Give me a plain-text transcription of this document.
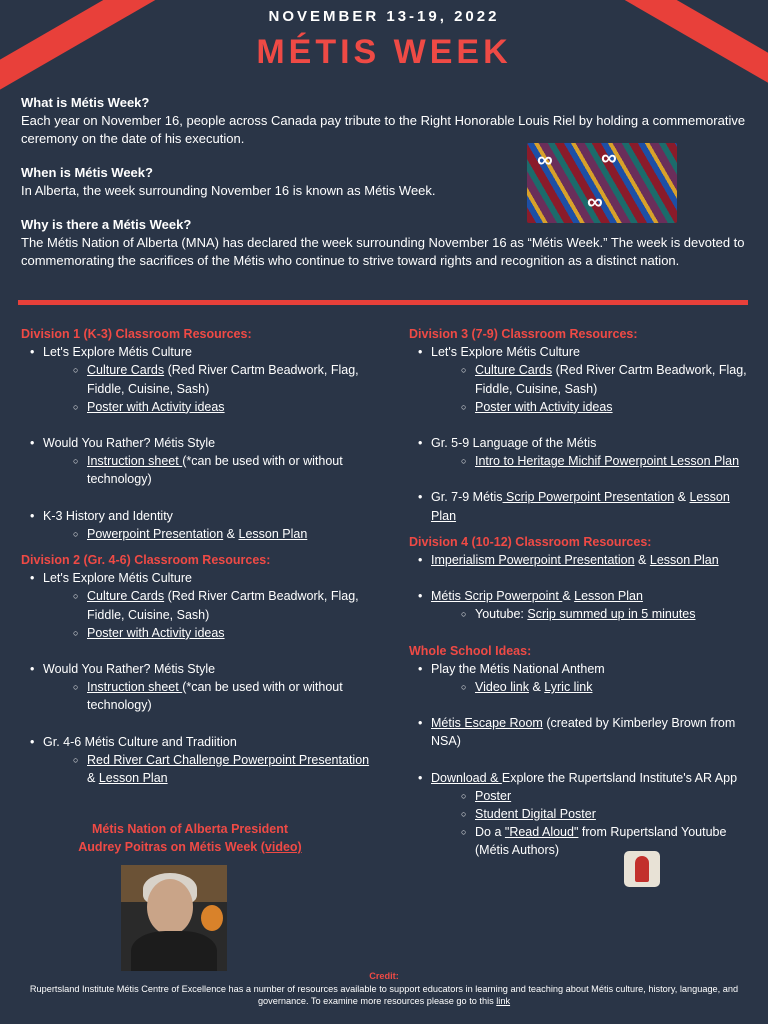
NOVEMBER 13-19, 2022
MÉTIS WEEK
What is Métis Week?
Each year on November 16, people across Canada pay tribute to the Right Honorable Louis Riel by holding a commemorative ceremony on the date of his execution.
When is Métis Week?
In Alberta, the week surrounding November 16 is known as Métis Week.
Why is there a Métis Week?
The Métis Nation of Alberta (MNA) has declared the week surrounding November 16 as “Métis Week.” The week is devoted to commemorating the sacrifices of the Métis who continue to strive toward rights and recognition as a distinct nation.
∞ ∞
∞
Division 1 (K-3) Classroom Resources:
• Let's Explore Métis Culture
○ Culture Cards (Red River Cartm Beadwork, Flag, Fiddle, Cuisine, Sash)
○ Poster with Activity ideas
• Would You Rather? Métis Style
○ Instruction sheet (*can be used with or without technology)
• K-3 History and Identity
○ Powerpoint Presentation & Lesson Plan
Division 2 (Gr. 4-6) Classroom Resources:
• Let's Explore Métis Culture
○ Culture Cards (Red River Cartm Beadwork, Flag, Fiddle, Cuisine, Sash)
○ Poster with Activity ideas
• Would You Rather? Métis Style
○ Instruction sheet (*can be used with or without technology)
• Gr. 4-6 Métis Culture and Tradiition
○ Red River Cart Challenge Powerpoint Presentation & Lesson Plan
Métis Nation of Alberta President
Audrey Poitras on Métis Week (video)
Division 3 (7-9) Classroom Resources:
• Let's Explore Métis Culture
○ Culture Cards (Red River Cartm Beadwork, Flag, Fiddle, Cuisine, Sash)
○ Poster with Activity ideas
• Gr. 5-9 Language of the Métis
○ Intro to Heritage Michif Powerpoint Lesson Plan
• Gr. 7-9 Métis Scrip Powerpoint Presentation & Lesson Plan
Division 4 (10-12) Classroom Resources:
• Imperialism Powerpoint Presentation & Lesson Plan
• Métis Scrip Powerpoint & Lesson Plan
○ Youtube: Scrip summed up in 5 minutes
Whole School Ideas:
• Play the Métis National Anthem
○ Video link & Lyric link
• Métis Escape Room (created by Kimberley Brown from NSA)
• Download & Explore the Rupertsland Institute's AR App
○ Poster
○ Student Digital Poster
○ Do a "Read Aloud" from Rupertsland Youtube (Métis Authors)
Credit:
Rupertsland Institute Métis Centre of Excellence has a number of resources available to support educators in learning and teaching about Métis culture, history, language, and governance. To examine more resources please go to this link
